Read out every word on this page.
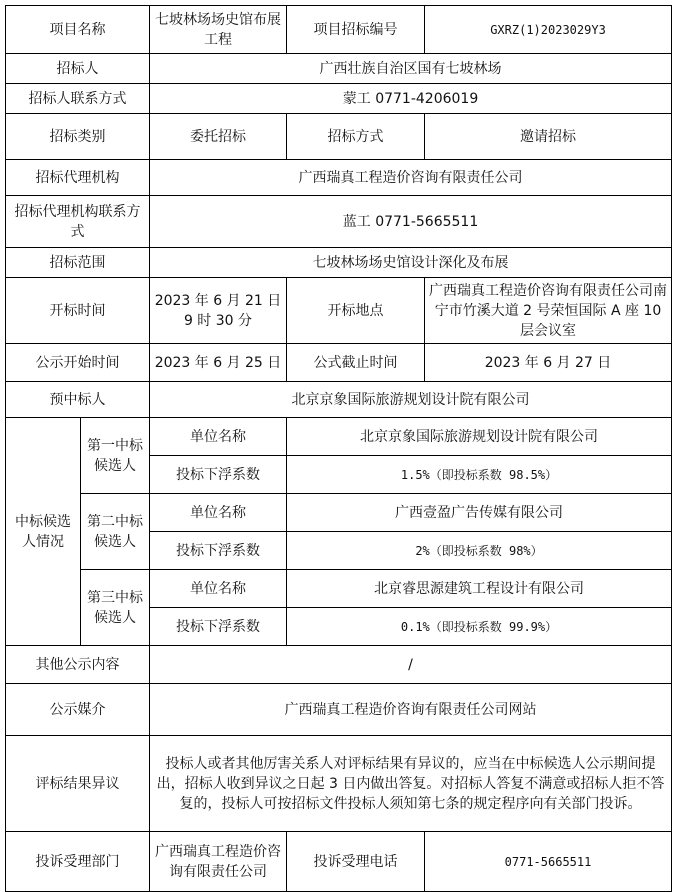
项目名称		七坡林场场史馆布展工程	项目招标编号	GXRZ(1)2023029Y3
招标人		广西壮族自治区国有七坡林场		
招标人联系方式		蒙工 0771-4206019		
招标类别		委托招标	招标方式	邀请招标
招标代理机构		广西瑞真工程造价咨询有限责任公司		
招标代理机构联系方式		蓝工 0771-5665511		
招标范围		七坡林场场史馆设计深化及布展		
开标时间		2023 年 6 月 21 日 9 时 30 分	开标地点	广西瑞真工程造价咨询有限责任公司南宁市竹溪大道 2 号荣恒国际 A 座 10 层会议室
公示开始时间		2023 年 6 月 25 日	公式截止时间	2023 年 6 月 27 日
预中标人		北京京象国际旅游规划设计院有限公司		
中标候选人情况	第一中标候选人	单位名称	北京京象国际旅游规划设计院有限公司	
		投标下浮系数	1.5%（即投标系数 98.5%）	
	第二中标候选人	单位名称	广西壹盈广告传媒有限公司	
		投标下浮系数	2%（即投标系数 98%）	
	第三中标候选人	单位名称	北京睿思源建筑工程设计有限公司	
		投标下浮系数	0.1%（即投标系数 99.9%）	
其他公示内容		/		
公示媒介		广西瑞真工程造价咨询有限责任公司网站		
评标结果异议		投标人或者其他厉害关系人对评标结果有异议的，应当在中标候选人公示期间提出，招标人收到异议之日起 3 日内做出答复。对招标人答复不满意或招标人拒不答复的，投标人可按招标文件投标人须知第七条的规定程序向有关部门投诉。		
投诉受理部门		广西瑞真工程造价咨询有限责任公司	投诉受理电话	0771-5665511
